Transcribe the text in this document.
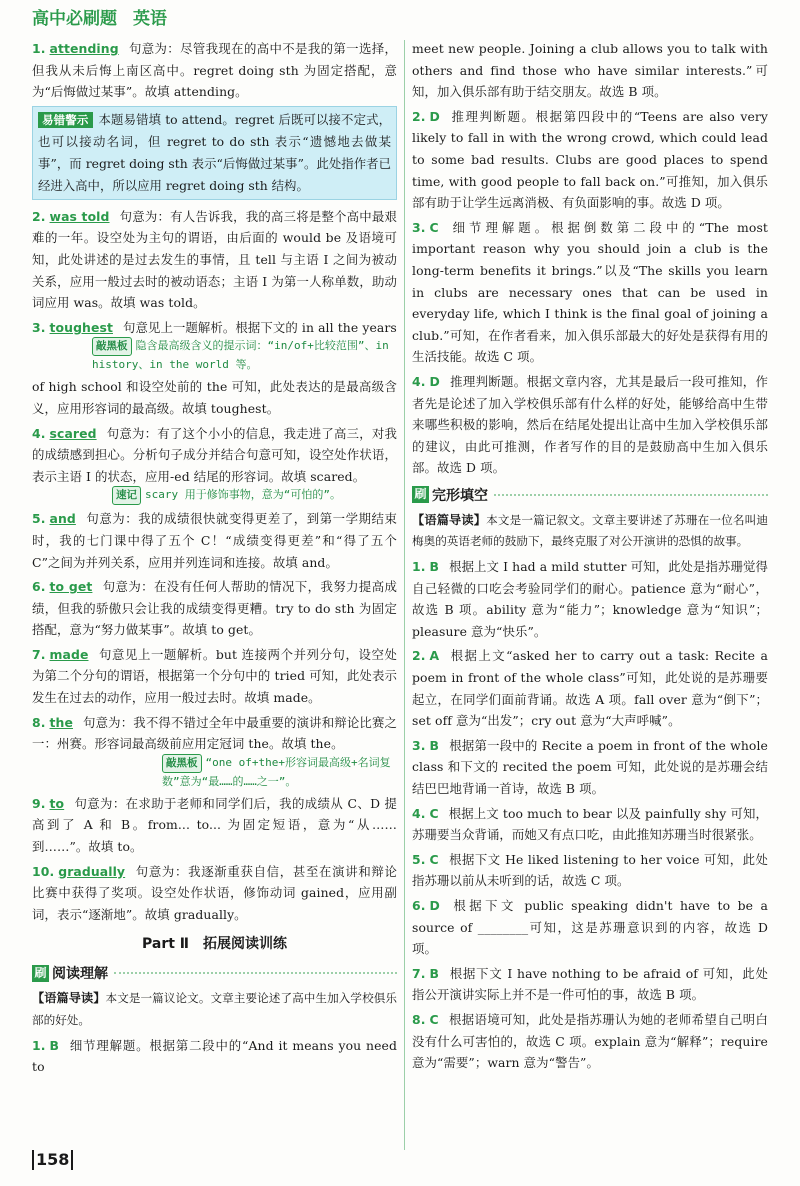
高中必刷题 英语
1. attending 句意为：尽管我现在的高中不是我的第一选择，但我从未后悔上南区高中。regret doing sth 为固定搭配，意为“后悔做过某事”。故填 attending。
易错警示 本题易错填 to attend。regret 后既可以接不定式，也可以接动名词，但 regret to do sth 表示“遗憾地去做某事”，而 regret doing sth 表示“后悔做过某事”。此处指作者已经进入高中，所以应用 regret doing sth 结构。
2. was told 句意为：有人告诉我，我的高三将是整个高中最艰难的一年。设空处为主句的谓语，由后面的 would be 及语境可知，此处讲述的是过去发生的事情，且 tell 与主语 I 之间为被动关系，应用一般过去时的被动语态；主语 I 为第一人称单数，助动词应用 was。故填 was told。
3. toughest 句意见上一题解析。根据下文的 in all the years
敲黑板 隐含最高级含义的提示词：“in/of+比较范围”、in history、in the world 等。
of high school 和设空处前的 the 可知，此处表达的是最高级含义，应用形容词的最高级。故填 toughest。
4. scared 句意为：有了这个小小的信息，我走进了高三，对我的成绩感到担心。分析句子成分并结合句意可知，设空处作状语，表示主语 I 的状态，应用-ed 结尾的形容词。故填 scared。
速记 scary 用于修饰事物，意为“可怕的”。
5. and 句意为：我的成绩很快就变得更差了，到第一学期结束时，我的七门课中得了五个 C！“成绩变得更差”和“得了五个 C”之间为并列关系，应用并列连词和连接。故填 and。
6. to get 句意为：在没有任何人帮助的情况下，我努力提高成绩，但我的骄傲只会让我的成绩变得更糟。try to do sth 为固定搭配，意为“努力做某事”。故填 to get。
7. made 句意见上一题解析。but 连接两个并列分句，设空处为第二个分句的谓语，根据第一个分句中的 tried 可知，此处表示发生在过去的动作，应用一般过去时。故填 made。
8. the 句意为：我不得不错过全年中最重要的演讲和辩论比赛之一：州赛。形容词最高级前应用定冠词 the。故填 the。
敲黑板 “one of+the+形容词最高级+名词复数”意为“最……的……之一”。
9. to 句意为：在求助于老师和同学们后，我的成绩从 C、D 提高到了 A 和 B。from... to... 为固定短语，意为“从……到……”。故填 to。
10. gradually 句意为：我逐渐重获自信，甚至在演讲和辩论比赛中获得了奖项。设空处作状语，修饰动词 gained，应用副词，表示“逐渐地”。故填 gradually。
Part Ⅱ　拓展阅读训练
刷 阅读理解
【语篇导读】本文是一篇议论文。文章主要论述了高中生加入学校俱乐部的好处。
1. B 细节理解题。根据第二段中的“And it means you need to
meet new people. Joining a club allows you to talk with others and find those who have similar interests.”可知，加入俱乐部有助于结交朋友。故选 B 项。
2. D 推理判断题。根据第四段中的“Teens are also very likely to fall in with the wrong crowd, which could lead to some bad results. Clubs are good places to spend time, with good people to fall back on.”可推知，加入俱乐部有助于让学生远离消极、有负面影响的事。故选 D 项。
3. C 细节理解题。根据倒数第二段中的“The most important reason why you should join a club is the long-term benefits it brings.”以及“The skills you learn in clubs are necessary ones that can be used in everyday life, which I think is the final goal of joining a club.”可知，在作者看来，加入俱乐部最大的好处是获得有用的生活技能。故选 C 项。
4. D 推理判断题。根据文章内容，尤其是最后一段可推知，作者先是论述了加入学校俱乐部有什么样的好处，能够给高中生带来哪些积极的影响，然后在结尾处提出让高中生加入学校俱乐部的建议，由此可推测，作者写作的目的是鼓励高中生加入俱乐部。故选 D 项。
刷 完形填空
【语篇导读】本文是一篇记叙文。文章主要讲述了苏珊在一位名叫迪梅奥的英语老师的鼓励下，最终克服了对公开演讲的恐惧的故事。
1. B 根据上文 I had a mild stutter 可知，此处是指苏珊觉得自己轻微的口吃会考验同学们的耐心。patience 意为“耐心”，故选 B 项。ability 意为“能力”；knowledge 意为“知识”；pleasure 意为“快乐”。
2. A 根据上文“asked her to carry out a task: Recite a poem in front of the whole class”可知，此处说的是苏珊要起立，在同学们面前背诵。故选 A 项。fall over 意为“倒下”；set off 意为“出发”；cry out 意为“大声呼喊”。
3. B 根据第一段中的 Recite a poem in front of the whole class 和下文的 recited the poem 可知，此处说的是苏珊会结结巴巴地背诵一首诗，故选 B 项。
4. C 根据上文 too much to bear 以及 painfully shy 可知，苏珊要当众背诵，而她又有点口吃，由此推知苏珊当时很紧张。
5. C 根据下文 He liked listening to her voice 可知，此处指苏珊以前从未听到的话，故选 C 项。
6. D 根据下文 public speaking didn't have to be a source of ________可知，这是苏珊意识到的内容，故选 D 项。
7. B 根据下文 I have nothing to be afraid of 可知，此处指公开演讲实际上并不是一件可怕的事，故选 B 项。
8. C 根据语境可知，此处是指苏珊认为她的老师希望自己明白没有什么可害怕的，故选 C 项。explain 意为“解释”；require 意为“需要”；warn 意为“警告”。
158
